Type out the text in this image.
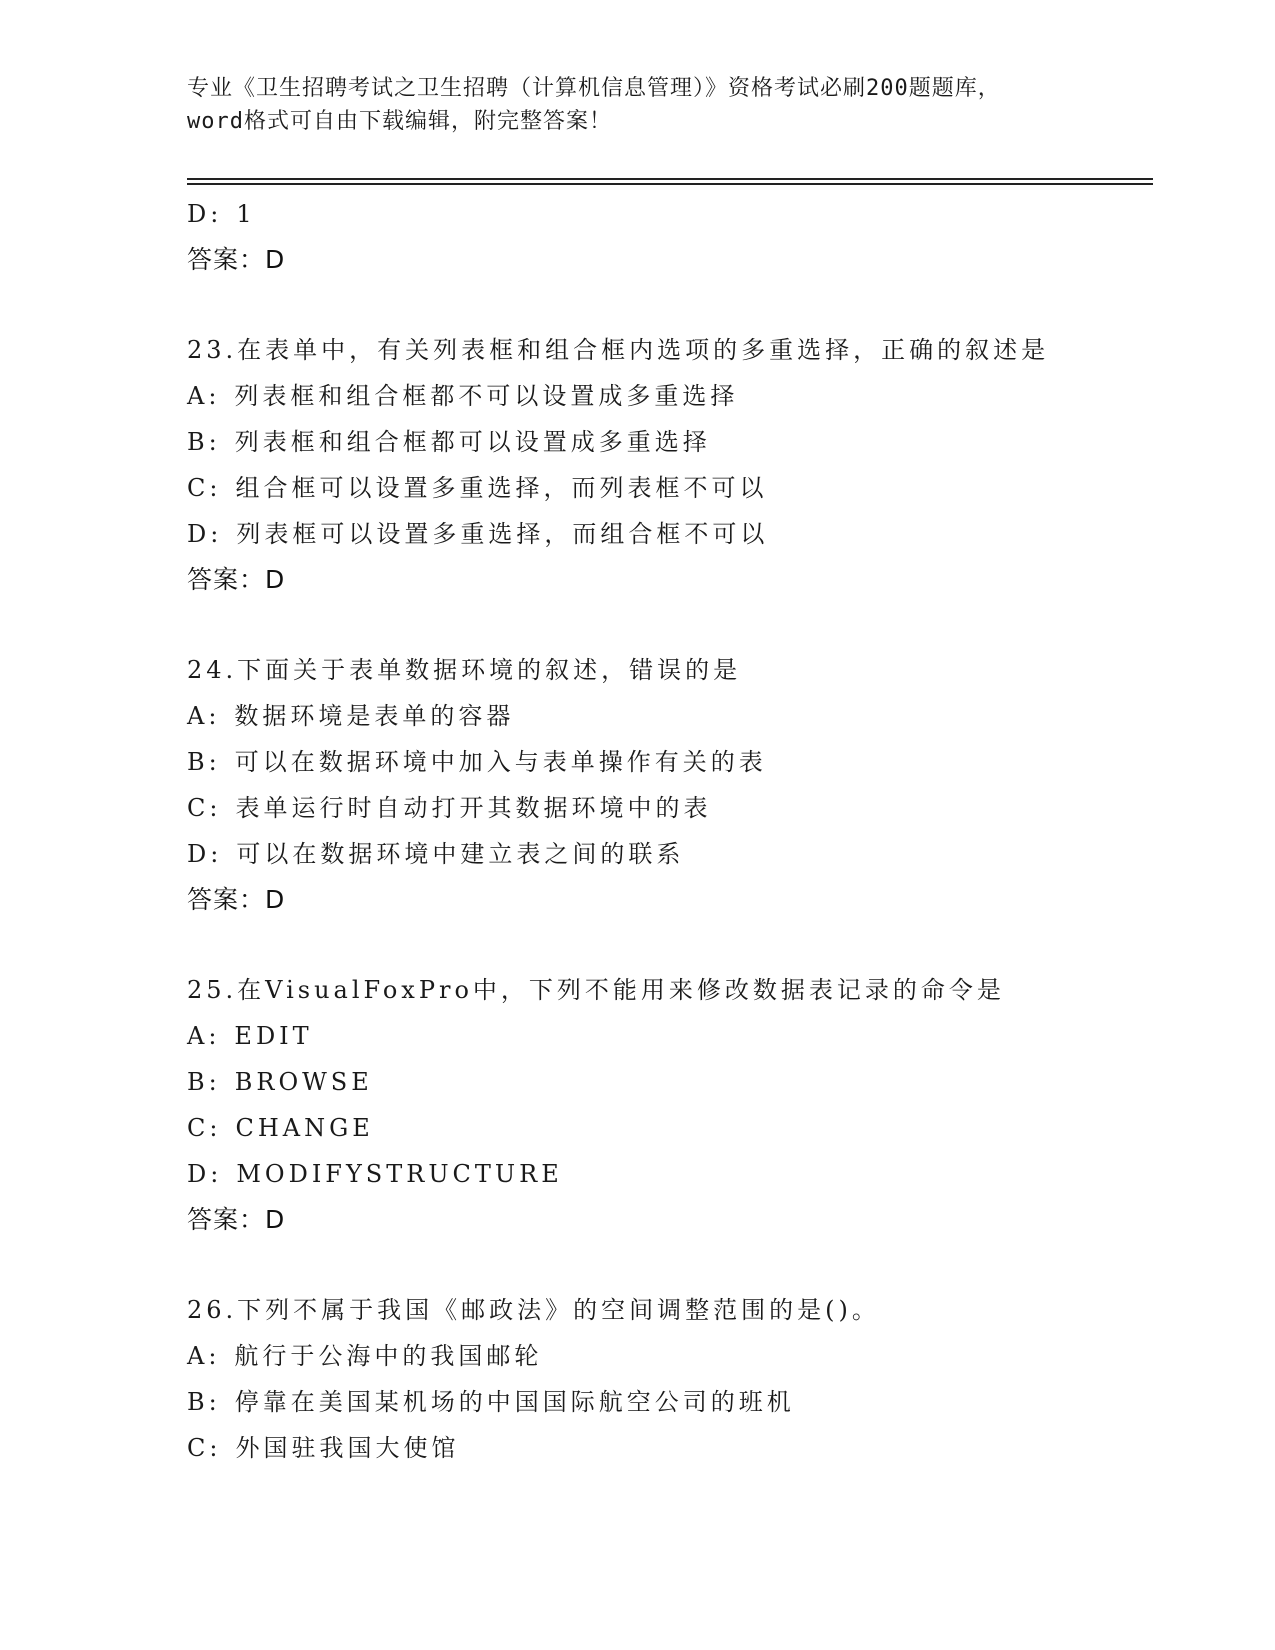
专业《卫生招聘考试之卫生招聘（计算机信息管理）》资格考试必刷200题题库，
word格式可自由下载编辑，附完整答案！
D: 1
答案：D
23.在表单中，有关列表框和组合框内选项的多重选择，正确的叙述是
A: 列表框和组合框都不可以设置成多重选择
B: 列表框和组合框都可以设置成多重选择
C: 组合框可以设置多重选择，而列表框不可以
D: 列表框可以设置多重选择，而组合框不可以
答案：D
24.下面关于表单数据环境的叙述，错误的是
A: 数据环境是表单的容器
B: 可以在数据环境中加入与表单操作有关的表
C: 表单运行时自动打开其数据环境中的表
D: 可以在数据环境中建立表之间的联系
答案：D
25.在VisualFoxPro中，下列不能用来修改数据表记录的命令是
A: EDIT
B: BROWSE
C: CHANGE
D: MODIFYSTRUCTURE
答案：D
26.下列不属于我国《邮政法》的空间调整范围的是()。
A: 航行于公海中的我国邮轮
B: 停靠在美国某机场的中国国际航空公司的班机
C: 外国驻我国大使馆
